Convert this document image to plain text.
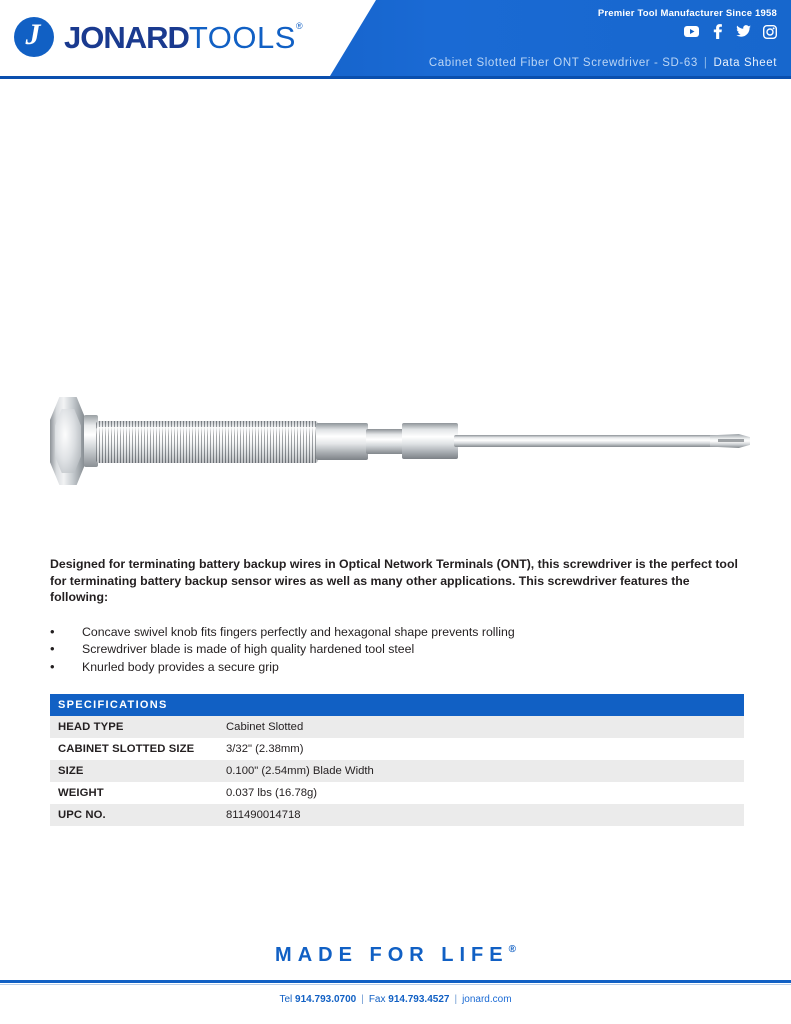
J JONARDTOOLS®
Premier Tool Manufacturer Since 1958
Cabinet Slotted Fiber ONT Screwdriver - SD-63 | Data Sheet

Designed for terminating battery backup wires in Optical Network Terminals (ONT), this screwdriver is the perfect tool for terminating battery backup sensor wires as well as many other applications. This screwdriver features the following:

• Concave swivel knob fits fingers perfectly and hexagonal shape prevents rolling
• Screwdriver blade is made of high quality hardened tool steel
• Knurled body provides a secure grip
SPECIFICATIONS	
HEAD TYPE	Cabinet Slotted
CABINET SLOTTED SIZE	3/32" (2.38mm)
SIZE	0.100" (2.54mm) Blade Width
WEIGHT	0.037 lbs (16.78g)
UPC NO.	811490014718
MADE FOR LIFE®
Tel 914.793.0700 | Fax 914.793.4527 | jonard.com
